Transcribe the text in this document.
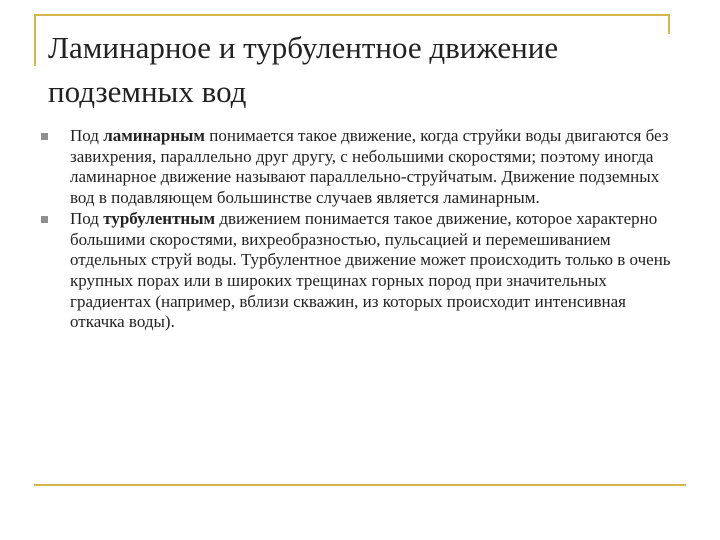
Ламинарное и турбулентное движение
подземных вод
Под ламинарным понимается такое движение, когда струйки воды двигаются без завихрения, параллельно друг другу, с небольшими скоростями; поэтому иногда ламинарное движение называют параллельно-струйчатым. Движение подземных вод в подавляющем большинстве случаев является ламинарным.
Под турбулентным движением понимается такое движение, которое характерно большими скоростями, вихреобразностью, пульсацией и перемешиванием отдельных струй воды. Турбулентное движение может происходить только в очень крупных порах или в широких трещинах горных пород при значительных градиентах (например, вблизи скважин, из которых происходит интенсивная откачка воды).
